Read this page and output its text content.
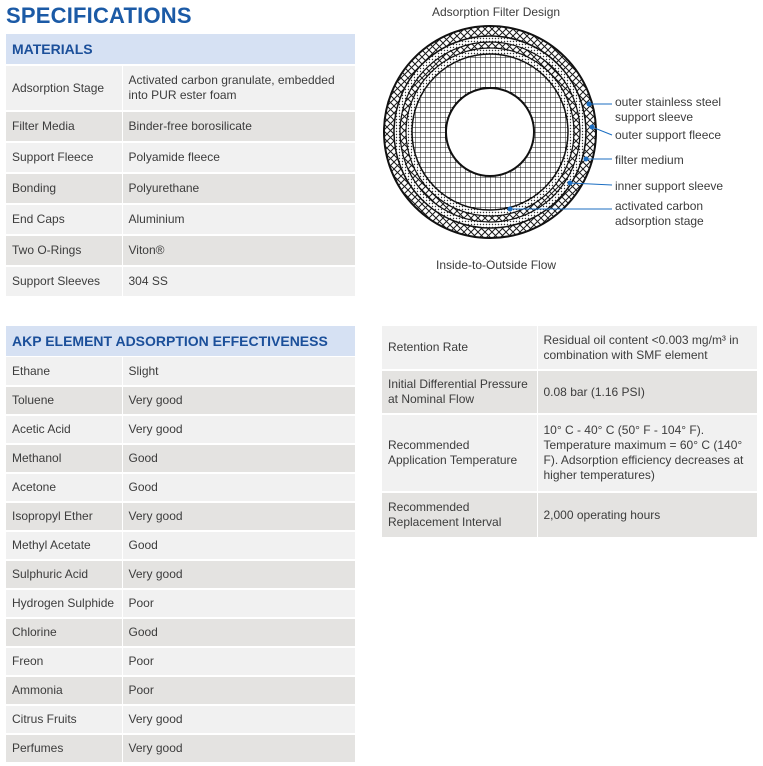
SPECIFICATIONS
MATERIALS
Adsorption Stage	Activated carbon granulate, embedded into PUR ester foam
Filter Media	Binder-free borosilicate
Support Fleece	Polyamide fleece
Bonding	Polyurethane
End Caps	Aluminium
Two O-Rings	Viton®
Support Sleeves	304 SS
AKP ELEMENT ADSORPTION EFFECTIVENESS
Ethane	Slight
Toluene	Very good
Acetic Acid	Very good
Methanol	Good
Acetone	Good
Isopropyl Ether	Very good
Methyl Acetate	Good
Sulphuric Acid	Very good
Hydrogen Sulphide	Poor
Chlorine	Good
Freon	Poor
Ammonia	Poor
Citrus Fruits	Very good
Perfumes	Very good
Retention Rate	Residual oil content <0.003 mg/m³ in combination with SMF element
Initial Differential Pressure at Nominal Flow	0.08 bar (1.16 PSI)
Recommended Application Temperature	10° C - 40° C (50° F - 104° F). Temperature maximum = 60° C (140° F). Adsorption efficiency decreases at higher temperatures)
Recommended Replacement Interval	2,000 operating hours
Adsorption Filter Design
Inside-to-Outside Flow
outer stainless steel support sleeve
outer support fleece
filter medium
inner support sleeve
activated carbon adsorption stage
